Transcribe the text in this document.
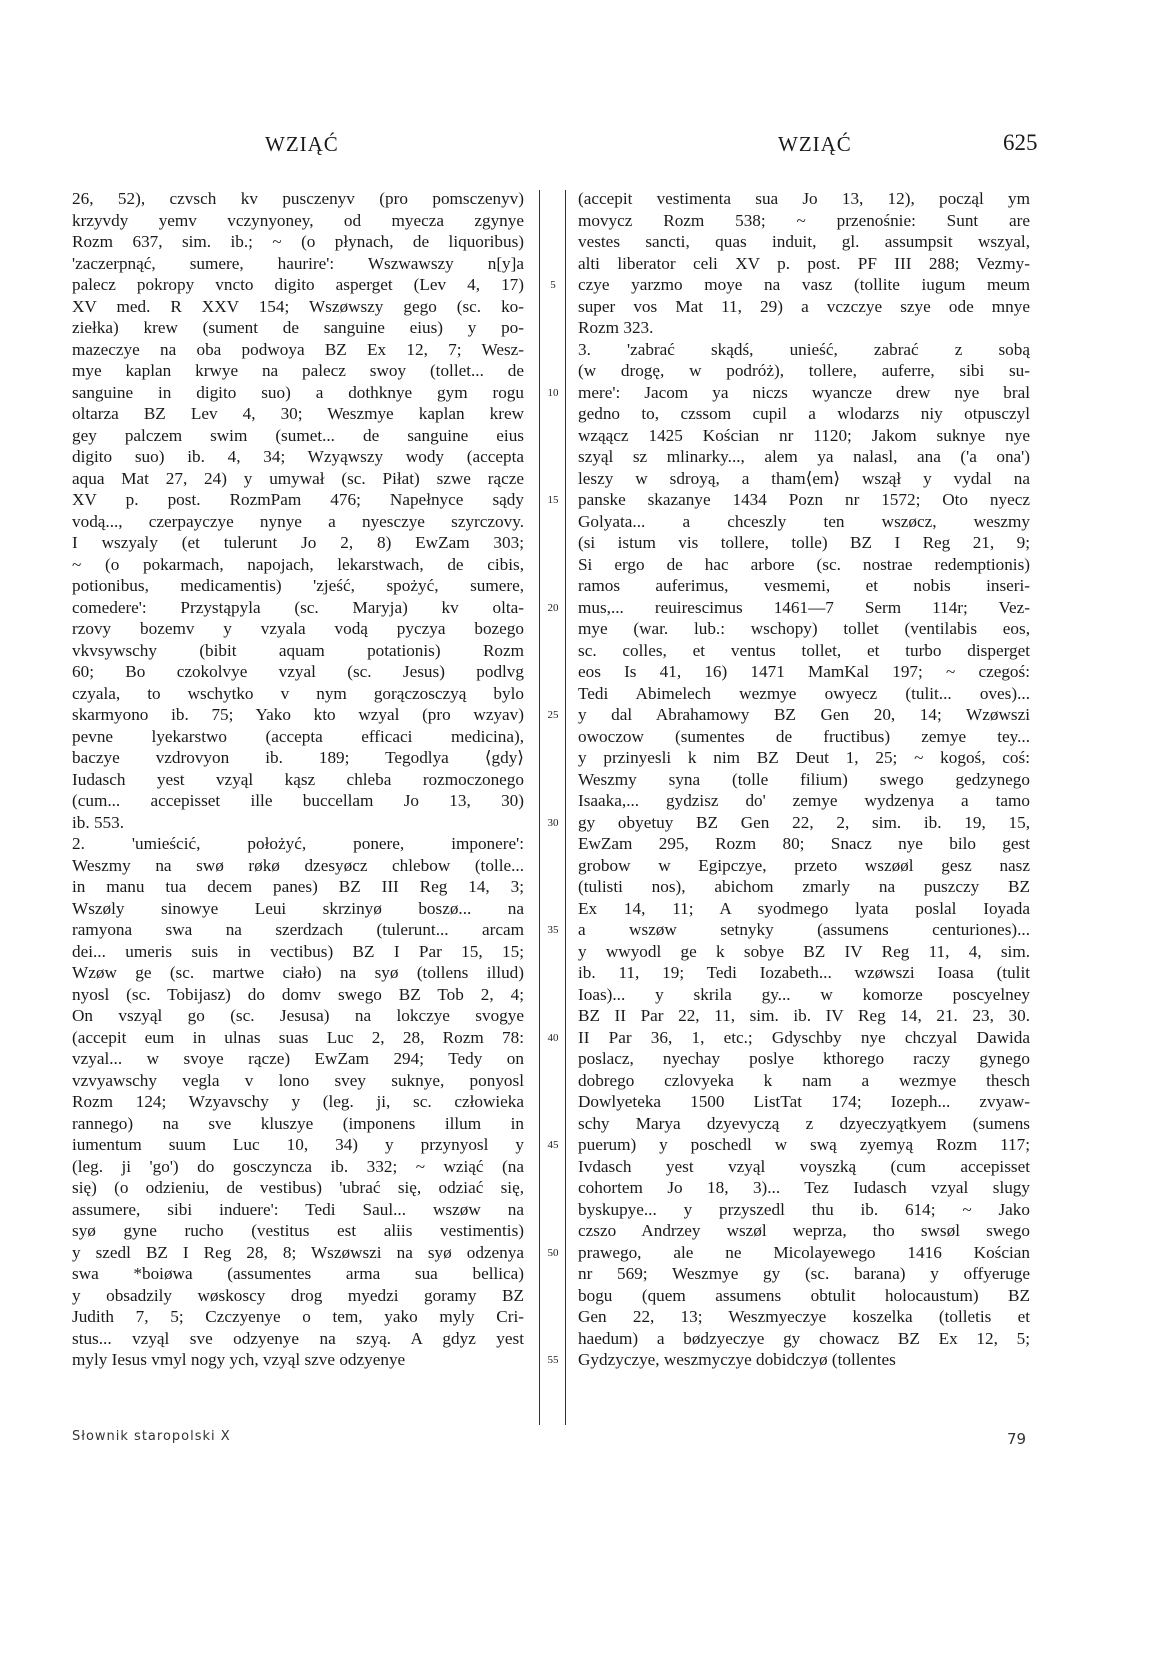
WZIĄĆ	WZIĄĆ	625
26, 52), czvsch kv pusczenyv (pro pomsczenyv)
krzyvdy yemv vczynyoney, od myecza zgynye
Rozm 637, sim. ib.; ~ (o płynach, de liquoribus)
'zaczerpnąć, sumere, haurire': Wszwawszy n[y]a
palecz pokropy vncto digito asperget (Lev 4, 17)
XV med. R XXV 154; Wszøwszy gego (sc. ko-
ziełka) krew (sument de sanguine eius) y po-
mazeczye na oba podwoya BZ Ex 12, 7; Wesz-
mye kaplan krwye na palecz swoy (tollet... de
sanguine in digito suo) a dothknye gym rogu
oltarza BZ Lev 4, 30; Weszmye kaplan krew
gey palczem swim (sumet... de sanguine eius
digito suo) ib. 4, 34; Wzyąwszy wody (accepta
aqua Mat 27, 24) y umywał (sc. Piłat) szwe rącze
XV p. post. RozmPam 476; Napełnyce sądy
vodą..., czerpayczye nynye a nyesczye szyrczovy.
I wszyaly (et tulerunt Jo 2, 8) EwZam 303;
~ (o pokarmach, napojach, lekarstwach, de cibis,
potionibus, medicamentis) 'zjeść, spożyć, sumere,
comedere': Przystąpyla (sc. Maryja) kv olta-
rzovy bozemv y vzyala vodą pyczya bozego
vkvsywschy (bibit aquam potationis) Rozm
60; Bo czokolvye vzyal (sc. Jesus) podlvg
czyala, to wschytko v nym gorączosczyą bylo
skarmyono ib. 75; Yako kto wzyal (pro wzyav)
pevne lyekarstwo (accepta efficaci medicina),
baczye vzdrovyon ib. 189; Tegodlya ⟨gdy⟩
Iudasch yest vzyąl kąsz chleba rozmoczonego
(cum... accepisset ille buccellam Jo 13, 30)
ib. 553.
2. 'umieścić, położyć, ponere, imponere':
Weszmy na swø røkø dzesyøcz chlebow (tolle...
in manu tua decem panes) BZ III Reg 14, 3;
Wszøly sinowye Leui skrzinyø boszø... na
ramyona swa na szerdzach (tulerunt... arcam
dei... umeris suis in vectibus) BZ I Par 15, 15;
Wzøw ge (sc. martwe ciało) na syø (tollens illud)
nyosl (sc. Tobijasz) do domv swego BZ Tob 2, 4;
On vszyąl go (sc. Jesusa) na lokczye svogye
(accepit eum in ulnas suas Luc 2, 28, Rozm 78:
vzyal... w svoye rącze) EwZam 294; Tedy on
vzvyawschy vegla v lono svey suknye, ponyosl
Rozm 124; Wzyavschy y (leg. ji, sc. człowieka
rannego) na sve kluszye (imponens illum in
iumentum suum Luc 10, 34) y przynyosl y
(leg. ji 'go') do gosczyncza ib. 332; ~ wziąć (na
się) (o odzieniu, de vestibus) 'ubrać się, odziać się,
assumere, sibi induere': Tedi Saul... wszøw na
syø gyne rucho (vestitus est aliis vestimentis)
y szedl BZ I Reg 28, 8; Wszøwszi na syø odzenya
swa *boiøwa (assumentes arma sua bellica)
y obsadzily wøskoscy drog myedzi goramy BZ
Judith 7, 5; Czczyenye o tem, yako myly Cri-
stus... vzyąl sve odzyenye na szyą. A gdyz yest
myly Iesus vmyl nogy ych, vzyąl szve odzyenye
5
10
15
20
25
30
35
40
45
50
55
(accepit vestimenta sua Jo 13, 12), począl ym
movycz Rozm 538; ~ przenośnie: Sunt are
vestes sancti, quas induit, gl. assumpsit wszyal,
alti liberator celi XV p. post. PF III 288; Vezmy-
czye yarzmo moye na vasz (tollite iugum meum
super vos Mat 11, 29) a vczczye szye ode mnye
Rozm 323.
3. 'zabrać skądś, unieść, zabrać z sobą
(w drogę, w podróż), tollere, auferre, sibi su-
mere': Jacom ya niczs wyancze drew nye bral
gedno to, czssom cupil a wlodarzs niy otpusczyl
wząącz 1425 Kościan nr 1120; Jakom suknye nye
szyąl sz mlinarky..., alem ya nalasl, ana ('a ona')
leszy w sdroyą, a tham⟨em⟩ wszął y vydal na
panske skazanye 1434 Pozn nr 1572; Oto nyecz
Golyata... a chceszly ten wszøcz, weszmy
(si istum vis tollere, tolle) BZ I Reg 21, 9;
Si ergo de hac arbore (sc. nostrae redemptionis)
ramos auferimus, vesmemi, et nobis inseri-
mus,... reuirescimus 1461—7 Serm 114r; Vez-
mye (war. lub.: wschopy) tollet (ventilabis eos,
sc. colles, et ventus tollet, et turbo disperget
eos Is 41, 16) 1471 MamKal 197; ~ czegoś:
Tedi Abimelech wezmye owyecz (tulit... oves)...
y dal Abrahamowy BZ Gen 20, 14; Wzøwszi
owoczow (sumentes de fructibus) zemye tey...
y przinyesli k nim BZ Deut 1, 25; ~ kogoś, coś:
Weszmy syna (tolle filium) swego gedzynego
Isaaka,... gydzisz do' zemye wydzenya a tamo
gy obyetuy BZ Gen 22, 2, sim. ib. 19, 15,
EwZam 295, Rozm 80; Snacz nye bilo gest
grobow w Egipczye, przeto wszøøl gesz nasz
(tulisti nos), abichom zmarly na puszczy BZ
Ex 14, 11; A syodmego lyata poslal Ioyada
a wszøw setnyky (assumens centuriones)...
y wwyodl ge k sobye BZ IV Reg 11, 4, sim.
ib. 11, 19; Tedi Iozabeth... wzøwszi Ioasa (tulit
Ioas)... y skrila gy... w komorze poscyelney
BZ II Par 22, 11, sim. ib. IV Reg 14, 21. 23, 30.
II Par 36, 1, etc.; Gdyschby nye chczyal Dawida
poslacz, nyechay poslye kthorego raczy gynego
dobrego czlovyeka k nam a wezmye thesch
Dowlyeteka 1500 ListTat 174; Iozeph... zvyaw-
schy Marya dzyevyczą z dzyeczyątkyem (sumens
puerum) y poschedl w swą zyemyą Rozm 117;
Ivdasch yest vzyąl voyszką (cum accepisset
cohortem Jo 18, 3)... Tez Iudasch vzyal slugy
byskupye... y przyszedl thu ib. 614; ~ Jako
czszo Andrzey wszøl weprza, tho swsøl swego
prawego, ale ne Micolayewego 1416 Kościan
nr 569; Weszmye gy (sc. barana) y offyeruge
bogu (quem assumens obtulit holocaustum) BZ
Gen 22, 13; Weszmyeczye koszelka (tolletis et
haedum) a bødzyeczye gy chowacz BZ Ex 12, 5;
Gydzyczye, weszmyczye dobidczyø (tollentes
Słownik staropolski X	79
